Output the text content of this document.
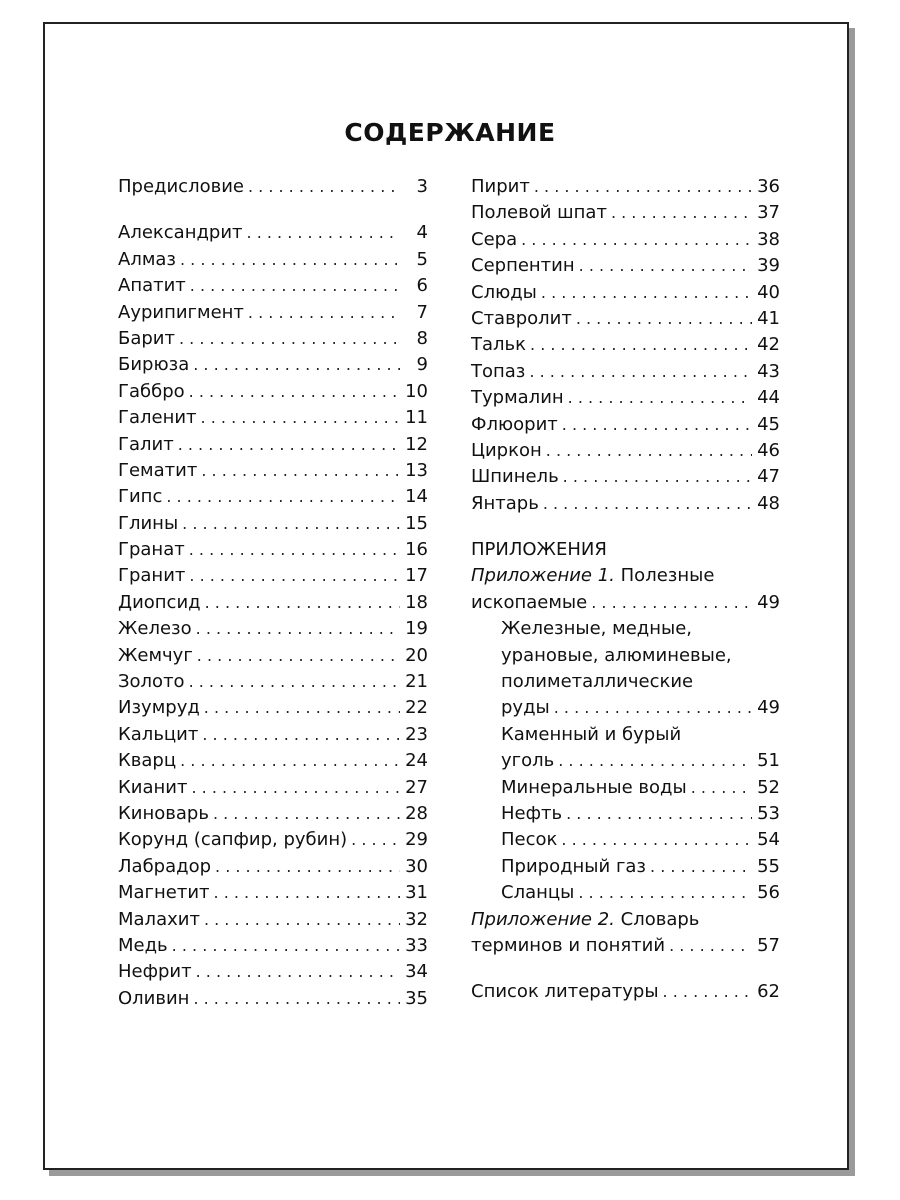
СОДЕРЖАНИЕ
Предисловие . . .	3
Александрит . . .	4
Алмаз . . .	5
Апатит . . .	6
Аурипигмент . . .	7
Барит . . .	8
Бирюза . . .	9
Габбро . . .	10
Галенит . . .	11
Галит . . .	12
Гематит . . .	13
Гипс . . .	14
Глины . . .	15
Гранат . . .	16
Гранит . . .	17
Диопсид . . .	18
Железо . . .	19
Жемчуг . . .	20
Золото . . .	21
Изумруд . . .	22
Кальцит . . .	23
Кварц . . .	24
Кианит . . .	27
Киноварь . . .	28
Корунд (сапфир, рубин) . . .	29
Лабрадор . . .	30
Магнетит . . .	31
Малахит . . .	32
Медь . . .	33
Нефрит . . .	34
Оливин . . .	35
Пирит . . .	36
Полевой шпат . . .	37
Сера . . .	38
Серпентин . . .	39
Слюды . . .	40
Ставролит . . .	41
Тальк . . .	42
Топаз . . .	43
Турмалин . . .	44
Флюорит . . .	45
Циркон . . .	46
Шпинель . . .	47
Янтарь . . .	48
ПРИЛОЖЕНИЯ
Приложение 1. Полезные
ископаемые . . .	49
Железные, медные,
урановые, алюминевые,
полиметаллические
руды . . .	49
Каменный и бурый
уголь . . .	51
Минеральные воды . . .	52
Нефть . . .	53
Песок . . .	54
Природный газ . . .	55
Сланцы . . .	56
Приложение 2. Словарь
терминов и понятий . . .	57
Список литературы . . .	62
